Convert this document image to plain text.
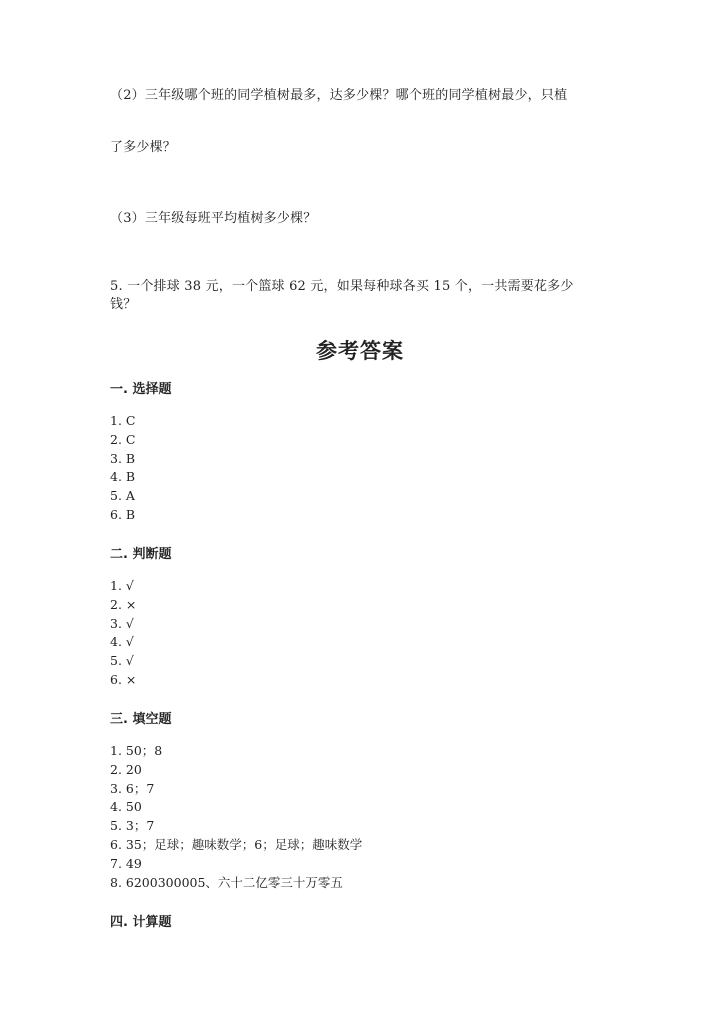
（2）三年级哪个班的同学植树最多，达多少棵？哪个班的同学植树最少，只植
了多少棵？
（3）三年级每班平均植树多少棵？
5. 一个排球 38 元，一个篮球 62 元，如果每种球各买 15 个，一共需要花多少
钱？
参考答案
一. 选择题
1. C
2. C
3. B
4. B
5. A
6. B
二. 判断题
1. √
2. ×
3. √
4. √
5. √
6. ×
三. 填空题
1. 50；8
2. 20
3. 6；7
4. 50
5. 3；7
6. 35；足球；趣味数学；6；足球；趣味数学
7. 49
8. 6200300005、六十二亿零三十万零五
四. 计算题
